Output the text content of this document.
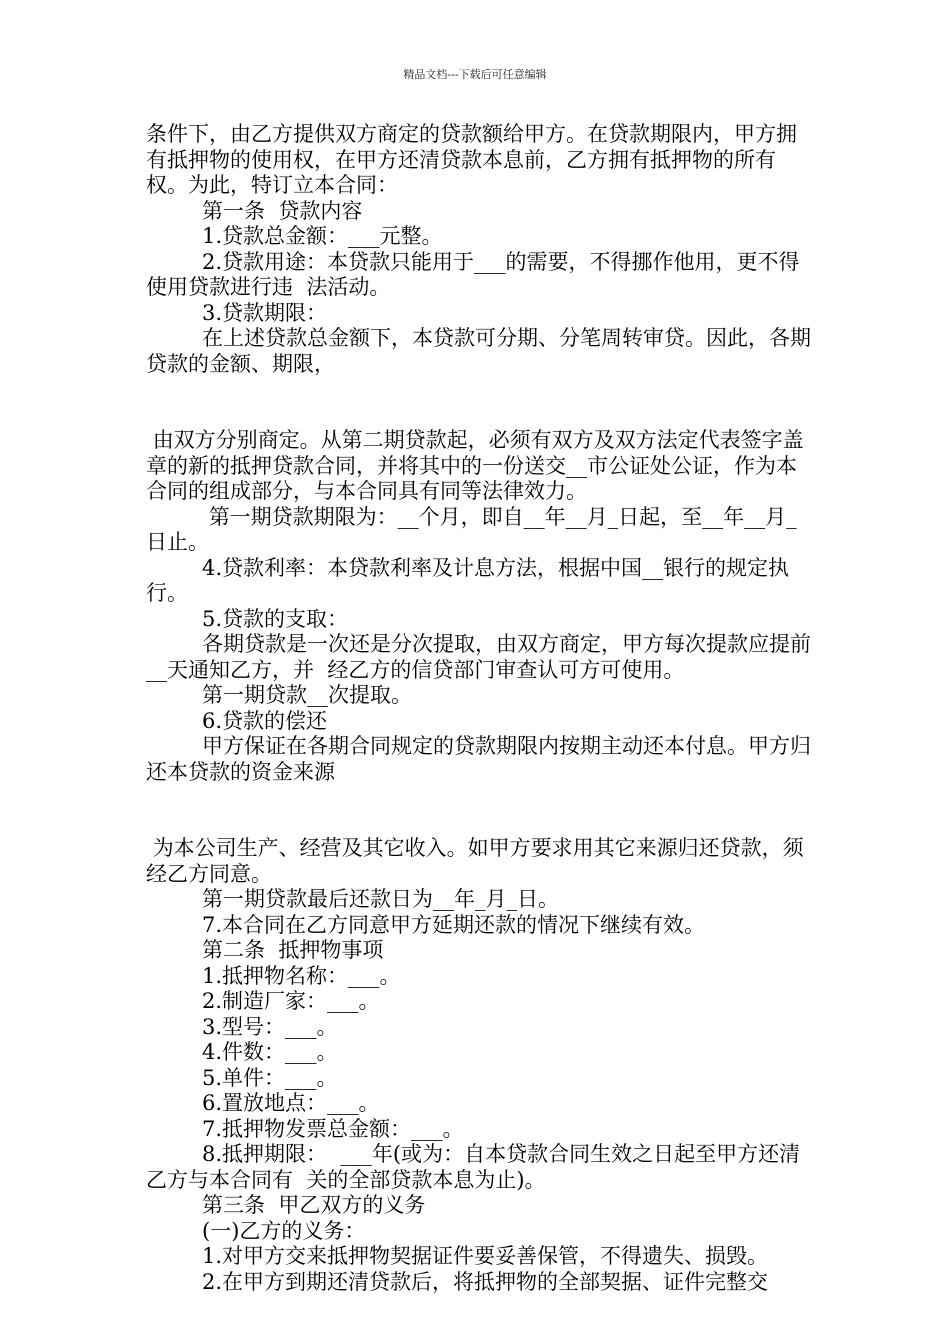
精品文档---下载后可任意编辑

条件下，由乙方提供双方商定的贷款额给甲方。在贷款期限内，甲方拥有抵押物的使用权，在甲方还清贷款本息前，乙方拥有抵押物的所有权。为此，特订立本合同：

第一条  贷款内容

1.贷款总金额：___元整。

2.贷款用途：本贷款只能用于___的需要，不得挪作他用，更不得使用贷款进行违  法活动。

3.贷款期限：

在上述贷款总金额下，本贷款可分期、分笔周转审贷。因此，各期贷款的金额、期限，

由双方分别商定。从第二期贷款起，必须有双方及双方法定代表签字盖章的新的抵押贷款合同，并将其中的一份送交__市公证处公证，作为本合同的组成部分，与本合同具有同等法律效力。

第一期贷款期限为：__个月，即自__年__月_日起，至__年__月_日止。

4.贷款利率：本贷款利率及计息方法，根据中国__银行的规定执行。

5.贷款的支取：

各期贷款是一次还是分次提取，由双方商定，甲方每次提款应提前__天通知乙方，并  经乙方的信贷部门审查认可方可使用。

第一期贷款__次提取。

6.贷款的偿还

甲方保证在各期合同规定的贷款期限内按期主动还本付息。甲方归还本贷款的资金来源

为本公司生产、经营及其它收入。如甲方要求用其它来源归还贷款，须经乙方同意。

第一期贷款最后还款日为__年_月_日。

7.本合同在乙方同意甲方延期还款的情况下继续有效。

第二条  抵押物事项

1.抵押物名称：___。

2.制造厂家：___。

3.型号：___。

4.件数：___。

5.单件：___。

6.置放地点：___。

7.抵押物发票总金额：___。

8.抵押期限：  ___年(或为：自本贷款合同生效之日起至甲方还清乙方与本合同有  关的全部贷款本息为止)。

第三条  甲乙双方的义务

(一)乙方的义务：

1.对甲方交来抵押物契据证件要妥善保管，不得遗失、损毁。

2.在甲方到期还清贷款后，将抵押物的全部契据、证件完整交
